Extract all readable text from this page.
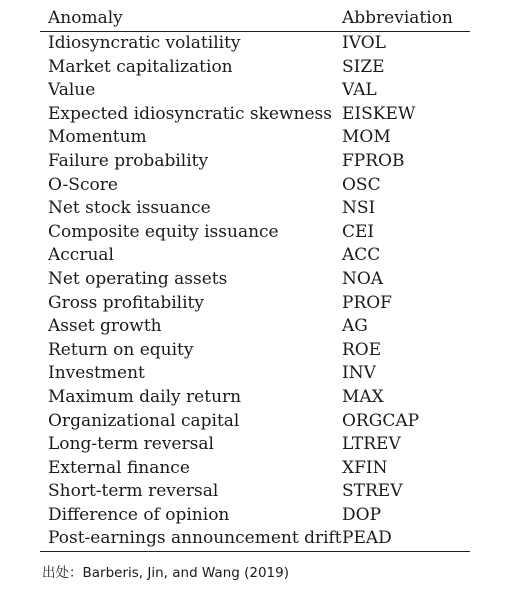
Anomaly	Abbreviation
Idiosyncratic volatility	IVOL
Market capitalization	SIZE
Value	VAL
Expected idiosyncratic skewness EISKEW
Momentum	MOM
Failure probability	FPROB
O-Score	OSC
Net stock issuance	NSI
Composite equity issuance	CEI
Accrual	ACC
Net operating assets	NOA
Gross profitability	PROF
Asset growth	AG
Return on equity	ROE
Investment	INV
Maximum daily return	MAX
Organizational capital	ORGCAP
Long-term reversal	LTREV
External finance	XFIN
Short-term reversal	STREV
Difference of opinion	DOP
Post-earnings announcement drift PEAD
出处：Barberis, Jin, and Wang (2019)
